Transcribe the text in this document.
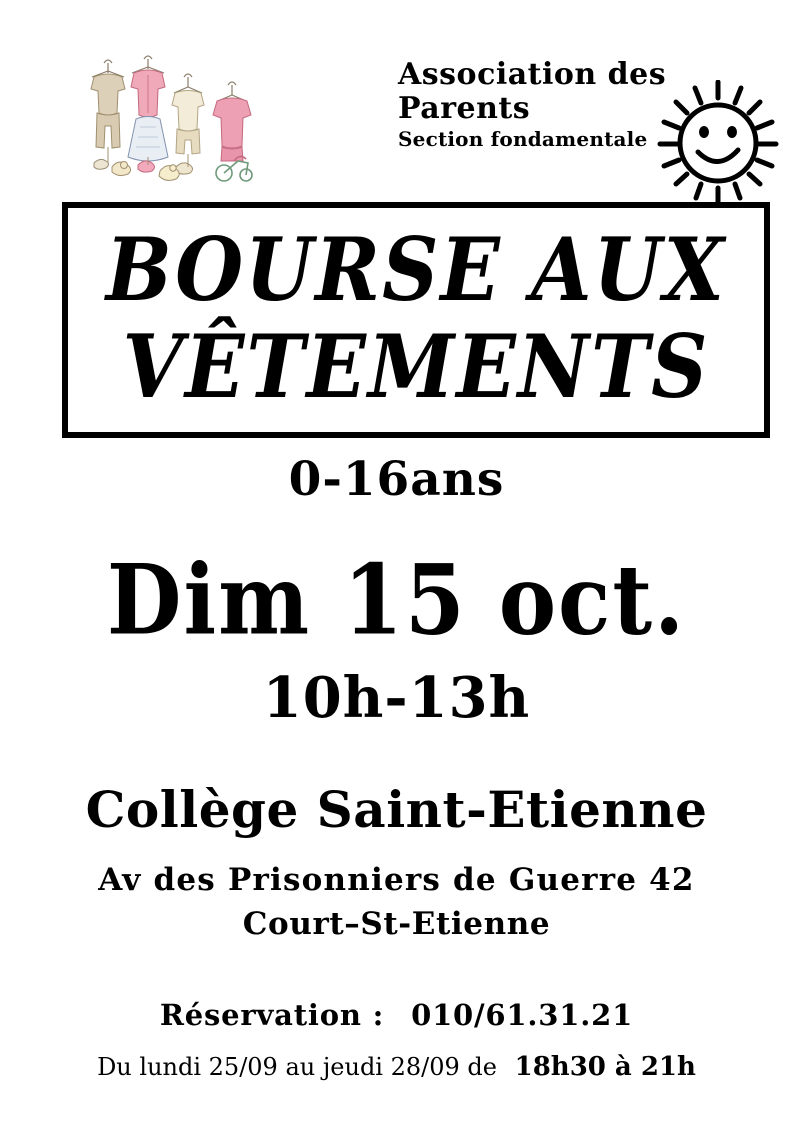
Association des
Parents
Section fondamentale
BOURSE AUX
VÊTEMENTS
0-16ans
Dim 15 oct.
10h-13h
Collège Saint-Etienne
Av des Prisonniers de Guerre 42
Court–St-Etienne
Réservation : 010/61.31.21
Du lundi 25/09 au jeudi 28/09 de 18h30 à 21h
